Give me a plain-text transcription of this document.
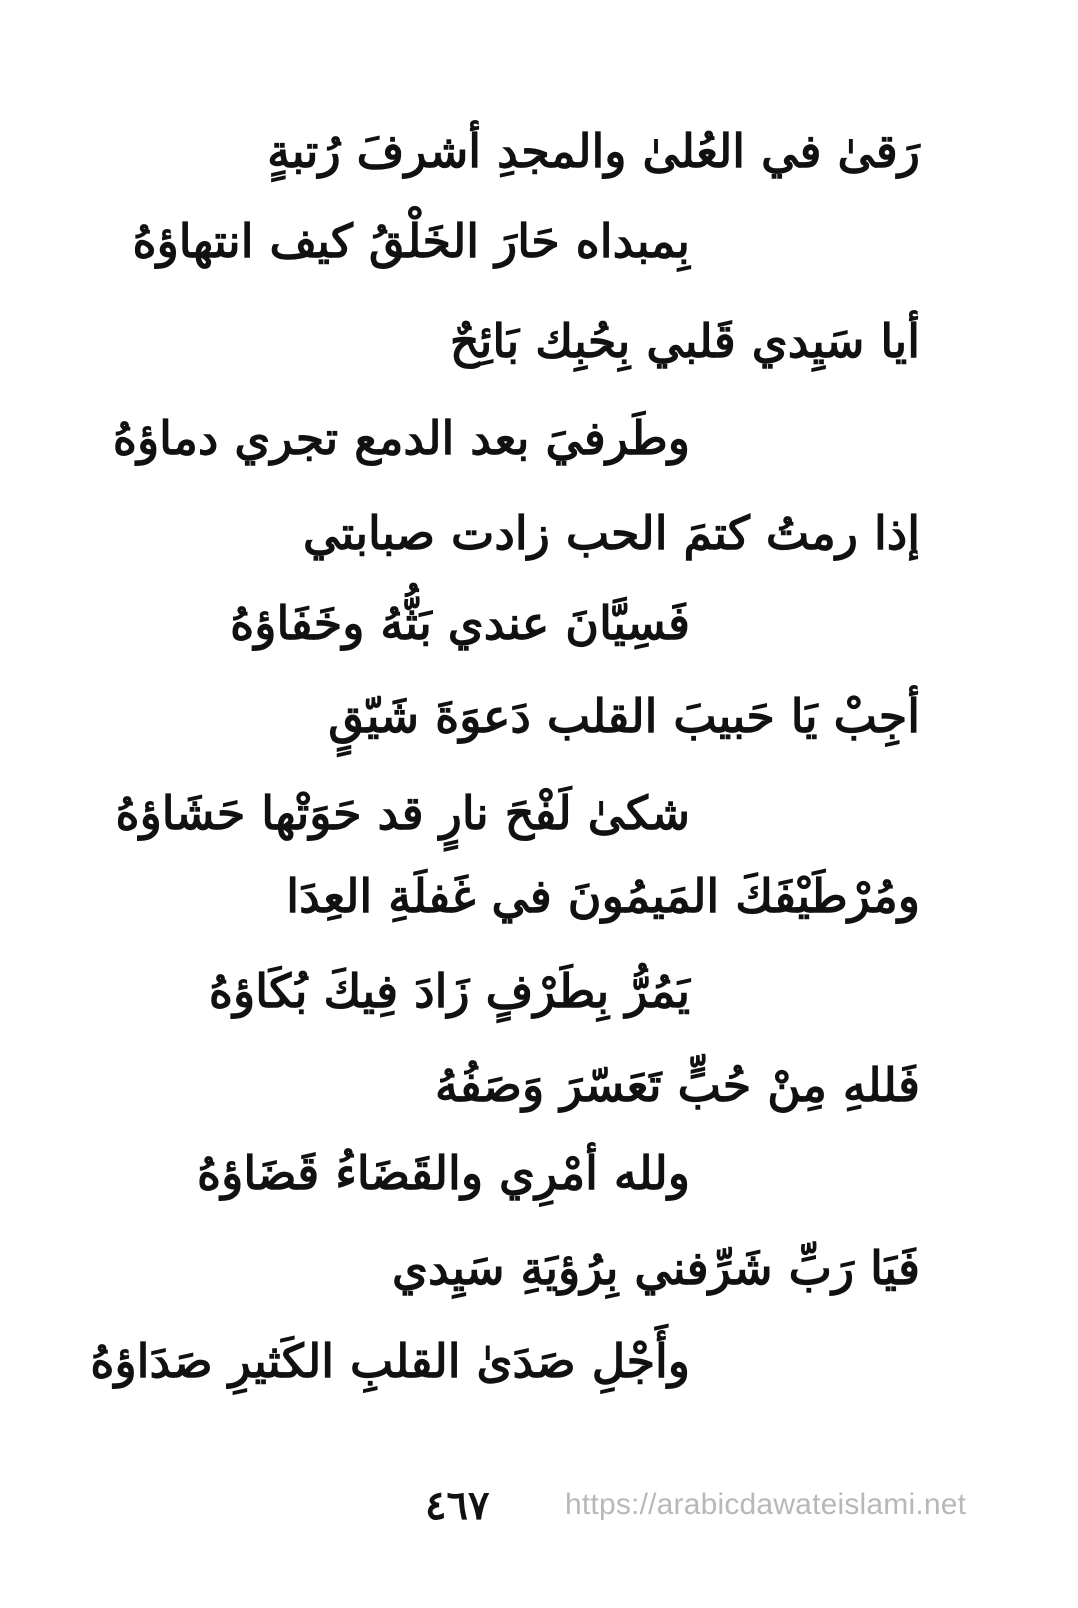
رَقىٰ في العُلىٰ والمجدِ أشرفَ رُتبةٍ
بِمبداه حَارَ الخَلْقُ كيف انتهاؤهُ
أيا سَيِدي قَلبي بِحُبِك بَائِحٌ
وطَرفيَ بعد الدمع تجري دماؤهُ
إذا رمتُ كتمَ الحب زادت صبابتي
فَسِيَّانَ عندي بَثُّهُ وخَفَاؤهُ
أجِبْ يَا حَبيبَ القلب دَعوَةَ شَيّقٍ
شكىٰ لَفْحَ نارٍ قد حَوَتْها حَشَاؤهُ
ومُرْطَيْفَكَ المَيمُونَ في غَفلَةِ العِدَا
يَمُرُّ بِطَرْفٍ زَادَ فِيكَ بُكَاؤهُ
فَللهِ مِنْ حُبٍّ تَعَسّرَ وَصَفُهُ
ولله أمْرِي والقَضَاءُ قَضَاؤهُ
فَيَا رَبِّ شَرِّفني بِرُؤيَةِ سَيِدي
وأَجْلِ صَدَىٰ القلبِ الكَثيرِ صَدَاؤهُ
٤٦٧	https://arabicdawateislami.net
